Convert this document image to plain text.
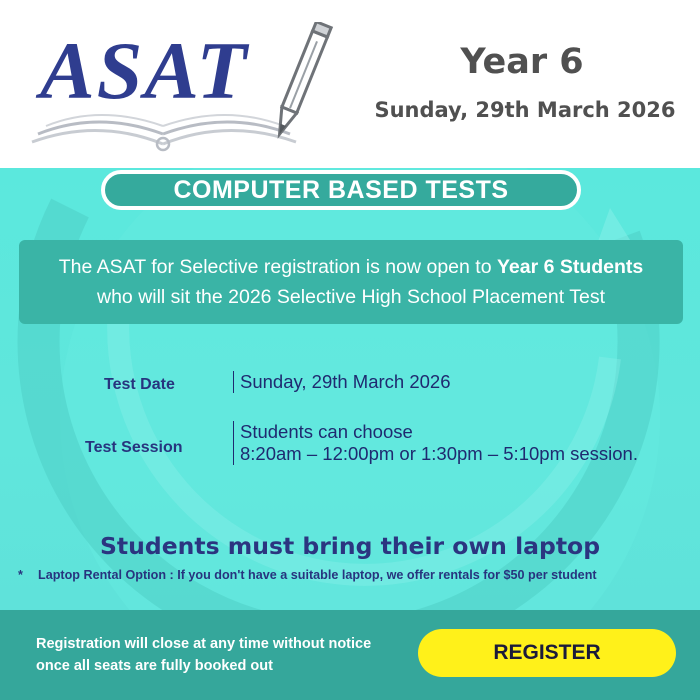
ASAT	Year 6
Sunday, 29th March 2026
COMPUTER BASED TESTS
The ASAT for Selective registration is now open to Year 6 Students
who will sit the 2026 Selective High School Placement Test
Test Date	Sunday, 29th March 2026
Test Session
Students can choose
8:20am – 12:00pm or 1:30pm – 5:10pm session.
Students must bring their own laptop
* Laptop Rental Option : If you don't have a suitable laptop, we offer rentals for $50 per student
Registration will close at any time without notice
once all seats are fully booked out
REGISTER
